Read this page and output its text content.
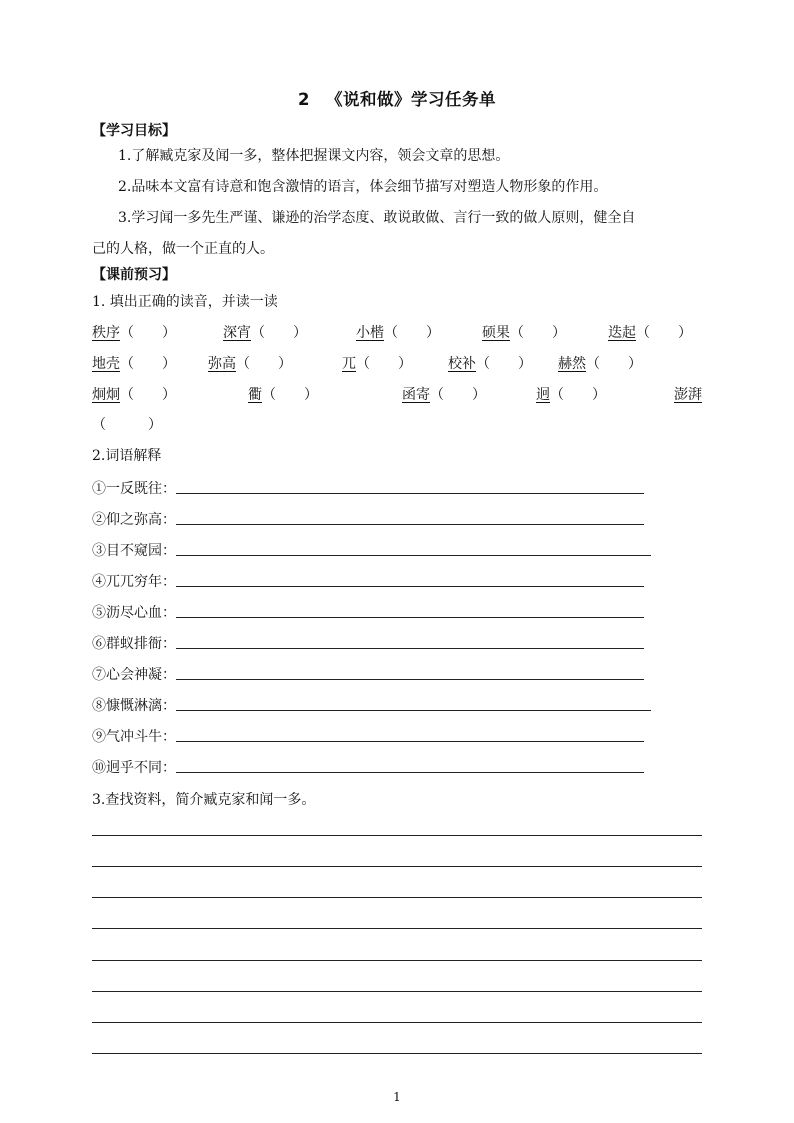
2 《说和做》学习任务单
【学习目标】
1.了解臧克家及闻一多，整体把握课文内容，领会文章的思想。
2.品味本文富有诗意和饱含激情的语言，体会细节描写对塑造人物形象的作用。
3.学习闻一多先生严谨、谦逊的治学态度、敢说敢做、言行一致的做人原则，健全自
己的人格，做一个正直的人。
【课前预习】
1. 填出正确的读音，并读一读
秩序（　　）	深宵（　　）	小楷（　　）	硕果（　　）	迭起（　　）
地壳（　　） 弥高（　　）	兀（　　）	校补（　　） 赫然（　　）
炯炯（　　）	衢（　　）	函寄（　　）	迥（　　）	澎湃
（　　　）
2.词语解释
①一反既往：
②仰之弥高：
③目不窥园：
④兀兀穷年：
⑤沥尽心血：
⑥群蚁排衙：
⑦心会神凝：
⑧慷慨淋漓：
⑨气冲斗牛：
⑩迥乎不同：
3.查找资料，简介臧克家和闻一多。
1
